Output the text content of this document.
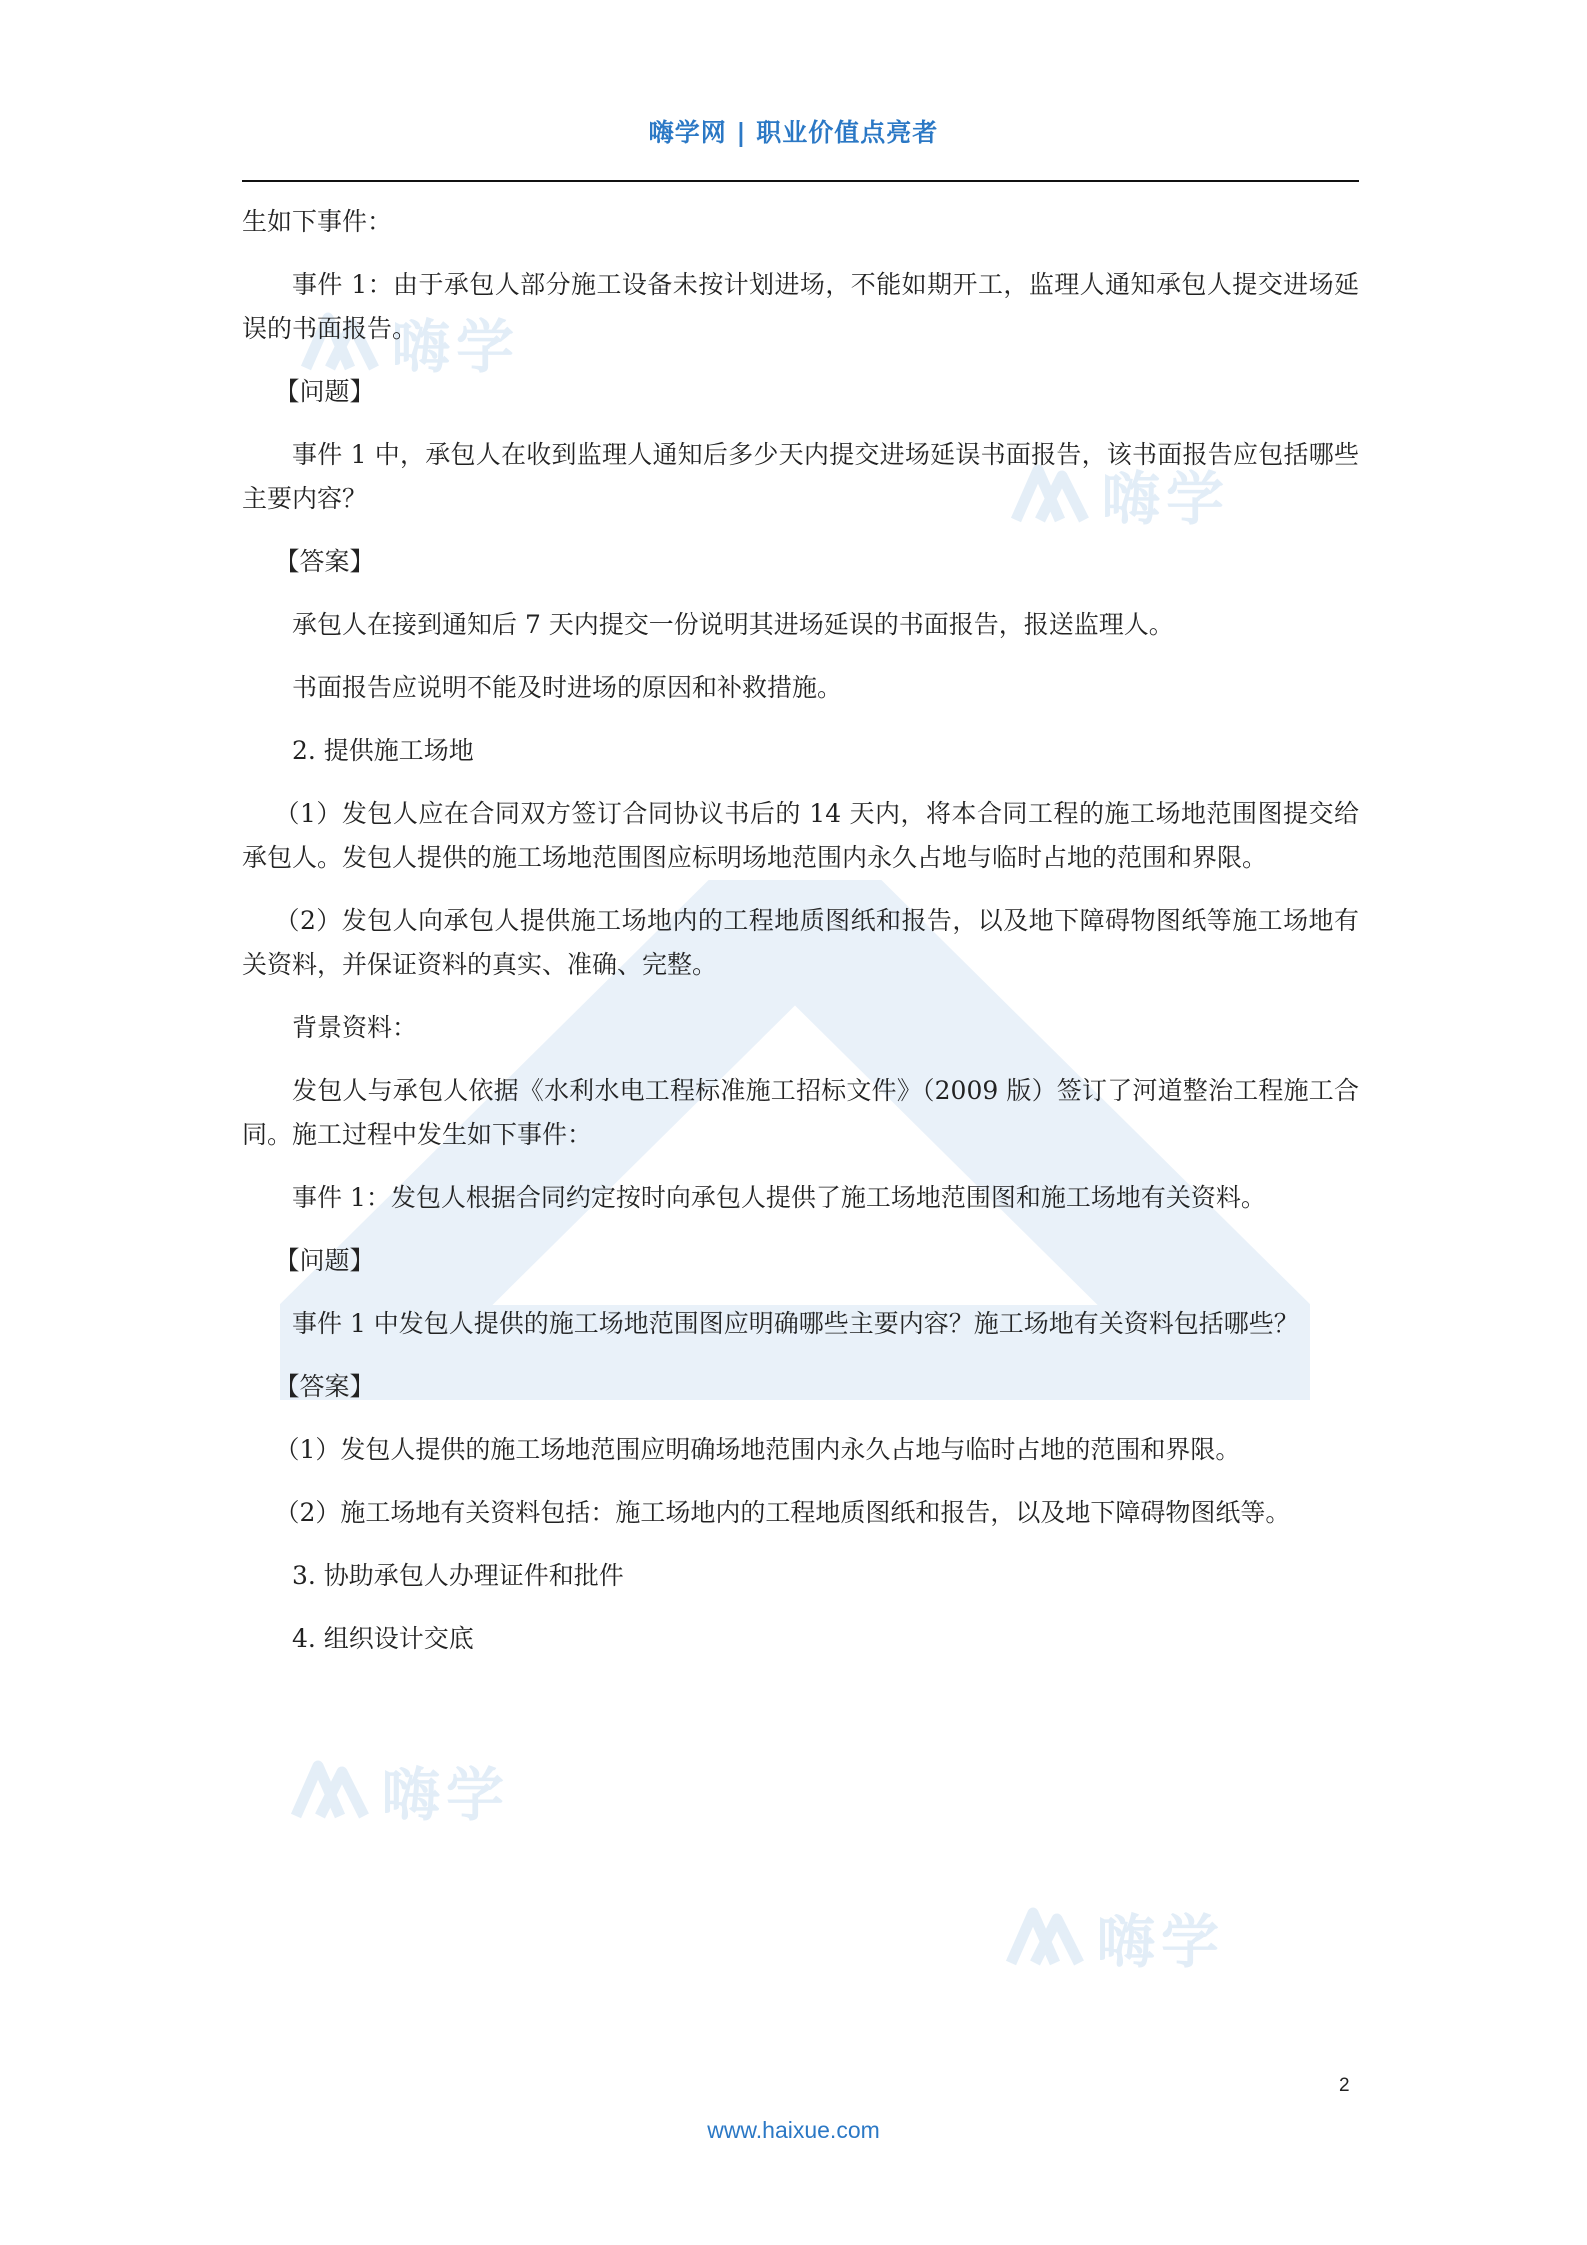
嗨学
嗨学
嗨学
嗨学
嗨学网 | 职业价值点亮者

生如下事件：

事件 1：由于承包人部分施工设备未按计划进场，不能如期开工，监理人通知承包人提交进场延误的书面报告。

【问题】

事件 1 中，承包人在收到监理人通知后多少天内提交进场延误书面报告，该书面报告应包括哪些主要内容？

【答案】

承包人在接到通知后 7 天内提交一份说明其进场延误的书面报告，报送监理人。

书面报告应说明不能及时进场的原因和补救措施。

2. 提供施工场地

（1）发包人应在合同双方签订合同协议书后的 14 天内，将本合同工程的施工场地范围图提交给承包人。发包人提供的施工场地范围图应标明场地范围内永久占地与临时占地的范围和界限。

（2）发包人向承包人提供施工场地内的工程地质图纸和报告，以及地下障碍物图纸等施工场地有关资料，并保证资料的真实、准确、完整。

背景资料：

发包人与承包人依据《水利水电工程标准施工招标文件》（2009 版）签订了河道整治工程施工合同。施工过程中发生如下事件：

事件 1：发包人根据合同约定按时向承包人提供了施工场地范围图和施工场地有关资料。

【问题】

事件 1 中发包人提供的施工场地范围图应明确哪些主要内容？施工场地有关资料包括哪些？

【答案】

（1）发包人提供的施工场地范围应明确场地范围内永久占地与临时占地的范围和界限。

（2）施工场地有关资料包括：施工场地内的工程地质图纸和报告，以及地下障碍物图纸等。

3. 协助承包人办理证件和批件

4. 组织设计交底

2
www.haixue.com
